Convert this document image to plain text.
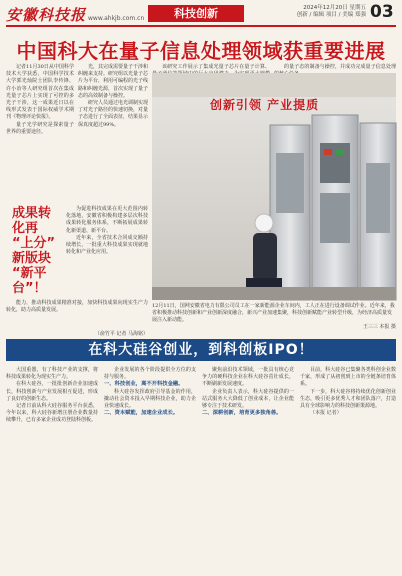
安徽科技报 www.ahkjb.com.cn	科技创新	2024年12月20日 星期五
创新 / 编辑 项目 / 美编 郑强 03
中国科大在量子信息处理领域获重要进展

记者11月30日从中国科学技术大学获悉，中国科学技术大学郭光灿院士团队李传锋、许小冶等人研究组首次在集成光量子芯片上实现了可控的多光子干涉，这一成果近日以在线形式发表于国际权威学术期刊《物理评论快报》。

量子光学研究是探索量子世界的重要途径。

光，其完成需要量子干涉和纠缠来支持。研究组以光量子芯片为平台，利用可编程的光子线路和纠缠光源，首次实现了量子态的高效制备与操控。

研究人员通过电光调制实现了对光子路径的快速切换，对量子态进行了全面表征，结果显示保真度超过99%。

该研究工作展示了集成光量子芯片在量子计算、	的量子态的制备与操控，并成功完成量子信息处理

成果转
化再
“上分”
新版块
“新平
台”！

为促进科技成果在更大范围内转化落地，安徽省积极构建多层次科技成果转化服务体系，不断拓展成果转化新渠道、新平台。

近年来，全省技术合同成交额持续增长，一批重大科技成果实现就地转化和产业化应用。

能力，推动科技成果精准对接，加快科技成果向现实生产力转化，助力高质量发展。

（俞竹平 记者 马海铭）
创新引领 产业提质
12月11日，国网安徽省电力有限公司员工在一家新能源企业车间内，工人正在进行设备调试作业。近年来，我省积极推动科技创新和产业创新深度融合，新兴产业加速集聚，科技创新赋能产业转型升级，为经济高质量发展注入新动能。
王三三 本报 摄
在科大硅谷创业，到科创板IPO！

大国重器，有了科技产业的支撑，将科技成果转化为现实生产力。

在科大硅谷，一批批创新企业加速成长，科技创新与产业发展相互促进，形成了良好的创新生态。

记者日前从科大硅谷服务平台获悉，今年以来，科大硅谷新增注册企业数量持续攀升，已有多家企业成功登陆科创板。

企业发展的各个阶段提供全方位的支持与服务。

一、科技创业，离不开科技金融。

科大硅谷发挥政府引导基金的作用，撬动社会资本投入早期科技企业，助力企业快速成长。

二、资本赋能，加速企业成长。

聚焦前沿技术领域，一批具有核心竞争力的硬科技企业在科大硅谷茁壮成长，不断刷新发展速度。

企业负责人表示，科大硅谷提供的一站式服务大大降低了创业成本，让企业能够专注于技术研发。

二、深耕创新，培育更多独角兽。

目前，科大硅谷已集聚各类科创企业数千家，形成了从初创到上市的全链条培育体系。

下一步，科大硅谷将持续优化创新创业生态，吸引更多优秀人才和团队落户，打造具有全球影响力的科技创新策源地。

（本报 记者）
